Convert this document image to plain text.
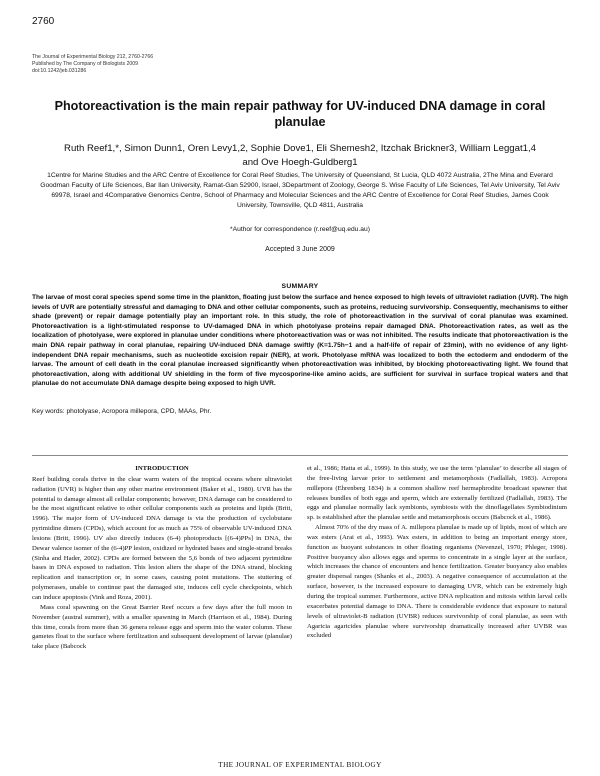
2760
The Journal of Experimental Biology 212, 2760-2766
Published by The Company of Biologists 2009
doi:10.1242/jeb.031286
Photoreactivation is the main repair pathway for UV-induced DNA damage in coral planulae
Ruth Reef1,*, Simon Dunn1, Oren Levy1,2, Sophie Dove1, Eli Shemesh2, Itzchak Brickner3, William Leggat1,4
and Ove Hoegh-Guldberg1
1Centre for Marine Studies and the ARC Centre of Excellence for Coral Reef Studies, The University of Queensland, St Lucia, QLD 4072 Australia, 2The Mina and Everard Goodman Faculty of Life Sciences, Bar Ilan University, Ramat-Gan 52900, Israel, 3Department of Zoology, George S. Wise Faculty of Life Sciences, Tel Aviv University, Tel Aviv 69978, Israel and 4Comparative Genomics Centre, School of Pharmacy and Molecular Sciences and the ARC Centre of Excellence for Coral Reef Studies, James Cook University, Townsville, QLD 4811, Australia
*Author for correspondence (r.reef@uq.edu.au)
Accepted 3 June 2009
SUMMARY
The larvae of most coral species spend some time in the plankton, floating just below the surface and hence exposed to high levels of ultraviolet radiation (UVR). The high levels of UVR are potentially stressful and damaging to DNA and other cellular components, such as proteins, reducing survivorship. Consequently, mechanisms to either shade (prevent) or repair damage potentially play an important role. In this study, the role of photoreactivation in the survival of coral planulae was examined. Photoreactivation is a light-stimulated response to UV-damaged DNA in which photolyase proteins repair damaged DNA. Photoreactivation rates, as well as the localization of photolyase, were explored in planulae under conditions where photoreactivation was or was not inhibited. The results indicate that photoreactivation is the main DNA repair pathway in coral planulae, repairing UV-induced DNA damage swiftly (K=1.75h−1 and a half-life of repair of 23min), with no evidence of any light-independent DNA repair mechanisms, such as nucleotide excision repair (NER), at work. Photolyase mRNA was localized to both the ectoderm and endoderm of the larvae. The amount of cell death in the coral planulae increased significantly when photoreactivation was inhibited, by blocking photoreactivating light. We found that photoreactivation, along with additional UV shielding in the form of five mycosporine-like amino acids, are sufficient for survival in surface tropical waters and that planulae do not accumulate DNA damage despite being exposed to high UVR.
Key words: photolyase, Acropora millepora, CPD, MAAs, Phr.
INTRODUCTION

Reef building corals thrive in the clear warm waters of the tropical oceans where ultraviolet radiation (UVR) is higher than any other marine environment (Baker et al., 1980). UVR has the potential to damage almost all cellular components; however, DNA damage can be considered to be the most significant relative to other cellular components such as proteins and lipids (Britt, 1996). The major form of UV-induced DNA damage is via the production of cyclobutane pyrimidine dimers (CPDs), which account for as much as 75% of observable UV-induced DNA lesions (Britt, 1996). UV also directly induces (6-4) photoproducts [(6-4)PPs] in DNA, the Dewar valence isomer of the (6-4)PP lesion, oxidized or hydrated bases and single-strand breaks (Sinha and Hader, 2002). CPDs are formed between the 5,6 bonds of two adjacent pyrimidine bases in DNA exposed to radiation. This lesion alters the shape of the DNA strand, blocking replication and transcription or, in some cases, causing point mutations. The stuttering of polymerases, unable to continue past the damaged site, induces cell cycle checkpoints, which can induce apoptosis (Vink and Roza, 2001).

Mass coral spawning on the Great Barrier Reef occurs a few days after the full moon in November (austral summer), with a smaller spawning in March (Harrison et al., 1984). During this time, corals from more than 36 genera release eggs and sperm into the water column. These gametes float to the surface where fertilization and subsequent development of larvae (planulae) take place (Babcock

et al., 1986; Hatta et al., 1999). In this study, we use the term ‘planulae’ to describe all stages of the free-living larvae prior to settlement and metamorphosis (Fadlallah, 1983). Acropora millepora (Ehrenberg 1834) is a common shallow reef hermaphrodite broadcast spawner that releases bundles of both eggs and sperm, which are externally fertilized (Fadlallah, 1983). The eggs and planulae normally lack symbionts, symbiosis with the dinoflagellates Symbiodinium sp. is established after the planulae settle and metamorphosis occurs (Babcock et al., 1986).

Almost 70% of the dry mass of A. millepora planulae is made up of lipids, most of which are wax esters (Arai et al., 1993). Wax esters, in addition to being an important energy store, function as buoyant substances in other floating organisms (Nevenzel, 1970; Phleger, 1998). Positive buoyancy also allows eggs and sperms to concentrate in a single layer at the surface, which increases the chance of encounters and hence fertilization. Greater buoyancy also enables greater dispersal ranges (Shanks et al., 2003). A negative consequence of accumulation at the surface, however, is the increased exposure to damaging UVR, which can be extremely high during the tropical summer. Furthermore, active DNA replication and mitosis within larval cells exacerbates potential damage to DNA. There is considerable evidence that exposure to natural levels of ultraviolet-B radiation (UVBR) reduces survivorship of coral planulae, as seen with Agaricia agaricides planulae where survivorship dramatically increased after UVBR was excluded

THE JOURNAL OF EXPERIMENTAL BIOLOGY
